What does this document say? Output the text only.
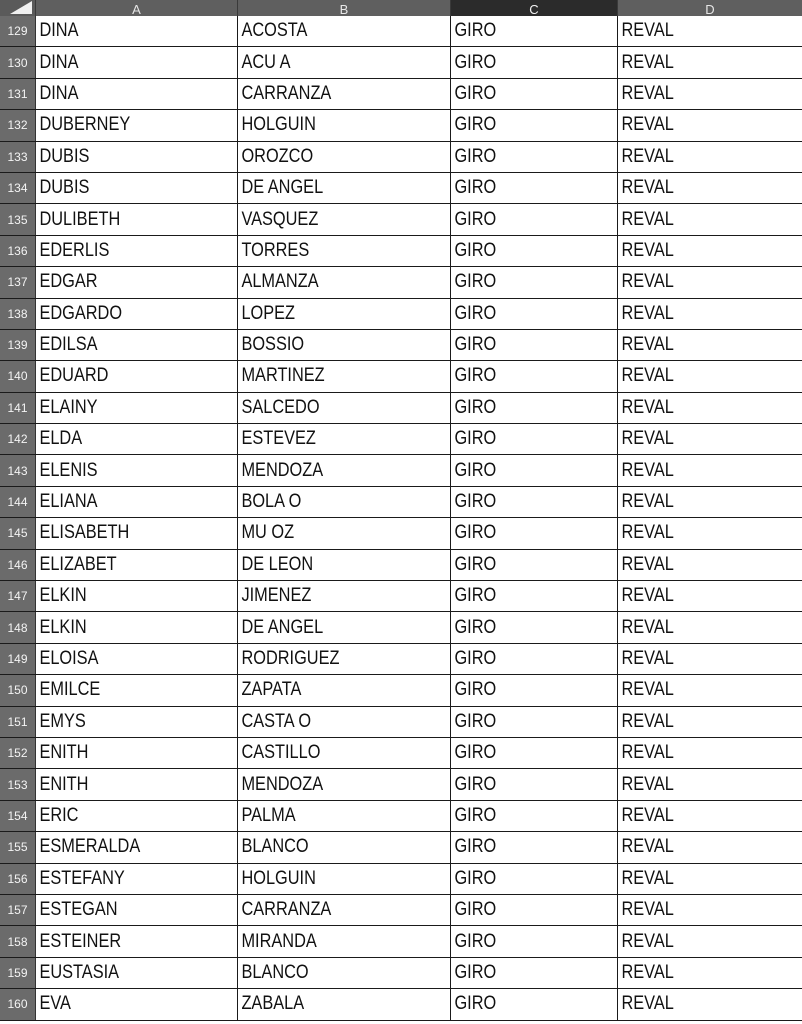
A	B	C	D
129 DINA	ACOSTA	GIRO	REVAL
130 DINA	ACU A	GIRO	REVAL
131 DINA	CARRANZA	GIRO	REVAL
132 DUBERNEY	HOLGUIN	GIRO	REVAL
133 DUBIS	OROZCO	GIRO	REVAL
134 DUBIS	DE ANGEL	GIRO	REVAL
135 DULIBETH	VASQUEZ	GIRO	REVAL
136 EDERLIS	TORRES	GIRO	REVAL
137 EDGAR	ALMANZA	GIRO	REVAL
138 EDGARDO	LOPEZ	GIRO	REVAL
139 EDILSA	BOSSIO	GIRO	REVAL
140 EDUARD	MARTINEZ	GIRO	REVAL
141 ELAINY	SALCEDO	GIRO	REVAL
142 ELDA	ESTEVEZ	GIRO	REVAL
143 ELENIS	MENDOZA	GIRO	REVAL
144 ELIANA	BOLA O	GIRO	REVAL
145 ELISABETH	MU OZ	GIRO	REVAL
146 ELIZABET	DE LEON	GIRO	REVAL
147 ELKIN	JIMENEZ	GIRO	REVAL
148 ELKIN	DE ANGEL	GIRO	REVAL
149 ELOISA	RODRIGUEZ	GIRO	REVAL
150 EMILCE	ZAPATA	GIRO	REVAL
151 EMYS	CASTA O	GIRO	REVAL
152 ENITH	CASTILLO	GIRO	REVAL
153 ENITH	MENDOZA	GIRO	REVAL
154 ERIC	PALMA	GIRO	REVAL
155 ESMERALDA	BLANCO	GIRO	REVAL
156 ESTEFANY	HOLGUIN	GIRO	REVAL
157 ESTEGAN	CARRANZA	GIRO	REVAL
158 ESTEINER	MIRANDA	GIRO	REVAL
159 EUSTASIA	BLANCO	GIRO	REVAL
160 EVA	ZABALA	GIRO	REVAL
